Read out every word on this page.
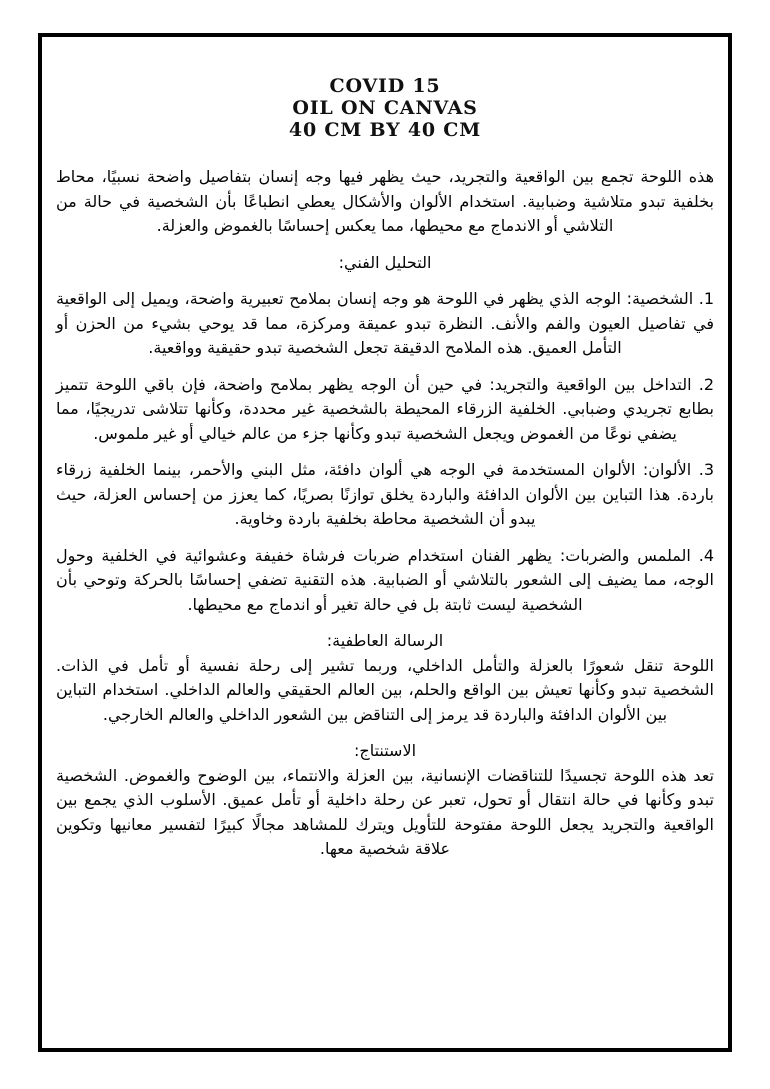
COVID 15
OIL ON CANVAS
40 CM BY 40 CM

هذه اللوحة تجمع بين الواقعية والتجريد، حيث يظهر فيها وجه إنسان بتفاصيل واضحة نسبيًا، محاط بخلفية تبدو متلاشية وضبابية. استخدام الألوان والأشكال يعطي انطباعًا بأن الشخصية في حالة من التلاشي أو الاندماج مع محيطها، مما يعكس إحساسًا بالغموض والعزلة.

التحليل الفني:

1. الشخصية: الوجه الذي يظهر في اللوحة هو وجه إنسان بملامح تعبيرية واضحة، ويميل إلى الواقعية في تفاصيل العيون والفم والأنف. النظرة تبدو عميقة ومركزة، مما قد يوحي بشيء من الحزن أو التأمل العميق. هذه الملامح الدقيقة تجعل الشخصية تبدو حقيقية وواقعية.

2. التداخل بين الواقعية والتجريد: في حين أن الوجه يظهر بملامح واضحة، فإن باقي اللوحة تتميز بطابع تجريدي وضبابي. الخلفية الزرقاء المحيطة بالشخصية غير محددة، وكأنها تتلاشى تدريجيًا، مما يضفي نوعًا من الغموض ويجعل الشخصية تبدو وكأنها جزء من عالم خيالي أو غير ملموس.

3. الألوان: الألوان المستخدمة في الوجه هي ألوان دافئة، مثل البني والأحمر، بينما الخلفية زرقاء باردة. هذا التباين بين الألوان الدافئة والباردة يخلق توازنًا بصريًا، كما يعزز من إحساس العزلة، حيث يبدو أن الشخصية محاطة بخلفية باردة وخاوية.

4. الملمس والضربات: يظهر الفنان استخدام ضربات فرشاة خفيفة وعشوائية في الخلفية وحول الوجه، مما يضيف إلى الشعور بالتلاشي أو الضبابية. هذه التقنية تضفي إحساسًا بالحركة وتوحي بأن الشخصية ليست ثابتة بل في حالة تغير أو اندماج مع محيطها.

الرسالة العاطفية:

اللوحة تنقل شعورًا بالعزلة والتأمل الداخلي، وربما تشير إلى رحلة نفسية أو تأمل في الذات. الشخصية تبدو وكأنها تعيش بين الواقع والحلم، بين العالم الحقيقي والعالم الداخلي. استخدام التباين بين الألوان الدافئة والباردة قد يرمز إلى التناقض بين الشعور الداخلي والعالم الخارجي.

الاستنتاج:

تعد هذه اللوحة تجسيدًا للتناقضات الإنسانية، بين العزلة والانتماء، بين الوضوح والغموض. الشخصية تبدو وكأنها في حالة انتقال أو تحول، تعبر عن رحلة داخلية أو تأمل عميق. الأسلوب الذي يجمع بين الواقعية والتجريد يجعل اللوحة مفتوحة للتأويل ويترك للمشاهد مجالًا كبيرًا لتفسير معانيها وتكوين علاقة شخصية معها.
